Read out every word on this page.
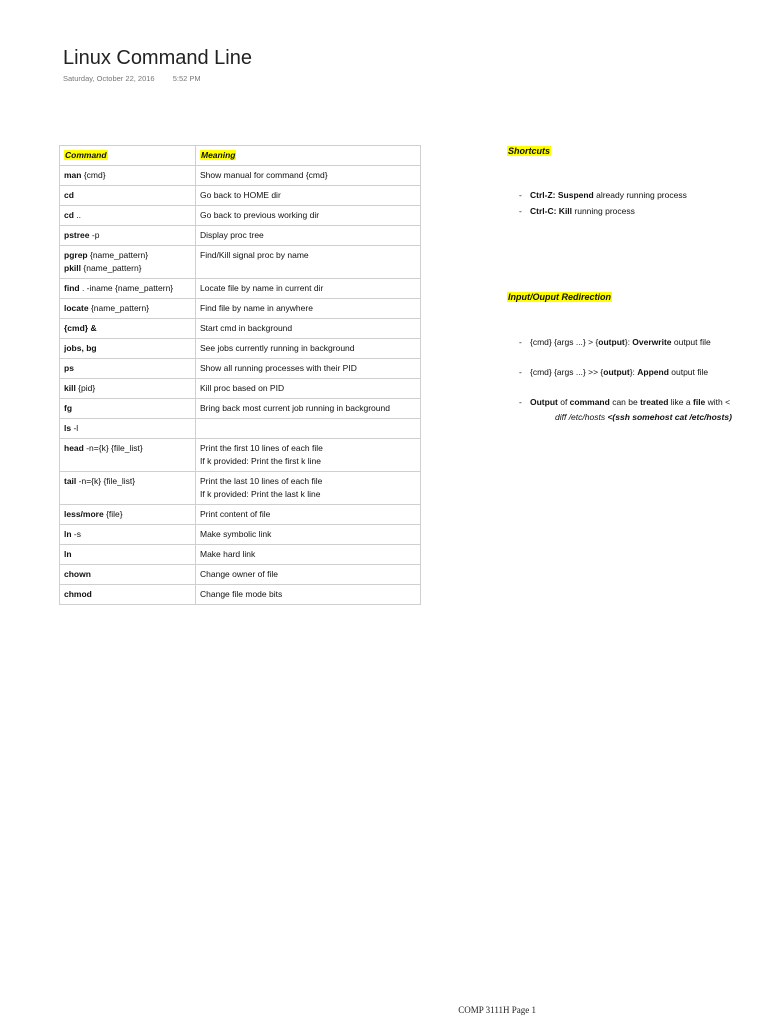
Linux Command Line
Saturday, October 22, 2016 5:52 PM
Command	Meaning

man {cmd}	Show manual for command {cmd}

cd	Go back to HOME dir

cd ..	Go back to previous working dir

pstree -p	Display proc tree

pgrep {name_pattern}
pkill {name_pattern}	Find/Kill signal proc by name

find . -iname {name_pattern}	Locate file by name in current dir

locate {name_pattern}	Find file by name in anywhere

{cmd} &	Start cmd in background

jobs, bg	See jobs currently running in background

ps	Show all running processes with their PID

kill {pid}	Kill proc based on PID

fg	Bring back most current job running in background

ls -l	

head -n={k} {file_list}	Print the first 10 lines of each file
If k provided: Print the first k line

tail -n={k} {file_list}	Print the last 10 lines of each file
If k provided: Print the last k line

less/more {file}	Print content of file

ln -s	Make symbolic link

ln	Make hard link

chown	Change owner of file

chmod	Change file mode bits
Shortcuts
- Ctrl-Z: Suspend already running process
- Ctrl-C: Kill running process
Input/Ouput Redirection
- {cmd} {args ...} > {output}: Overwrite output file
- {cmd} {args ...} >> {output}: Append output file
- Output of command can be treated like a file with <
diff /etc/hosts <(ssh somehost cat /etc/hosts)
COMP 3111H Page 1
